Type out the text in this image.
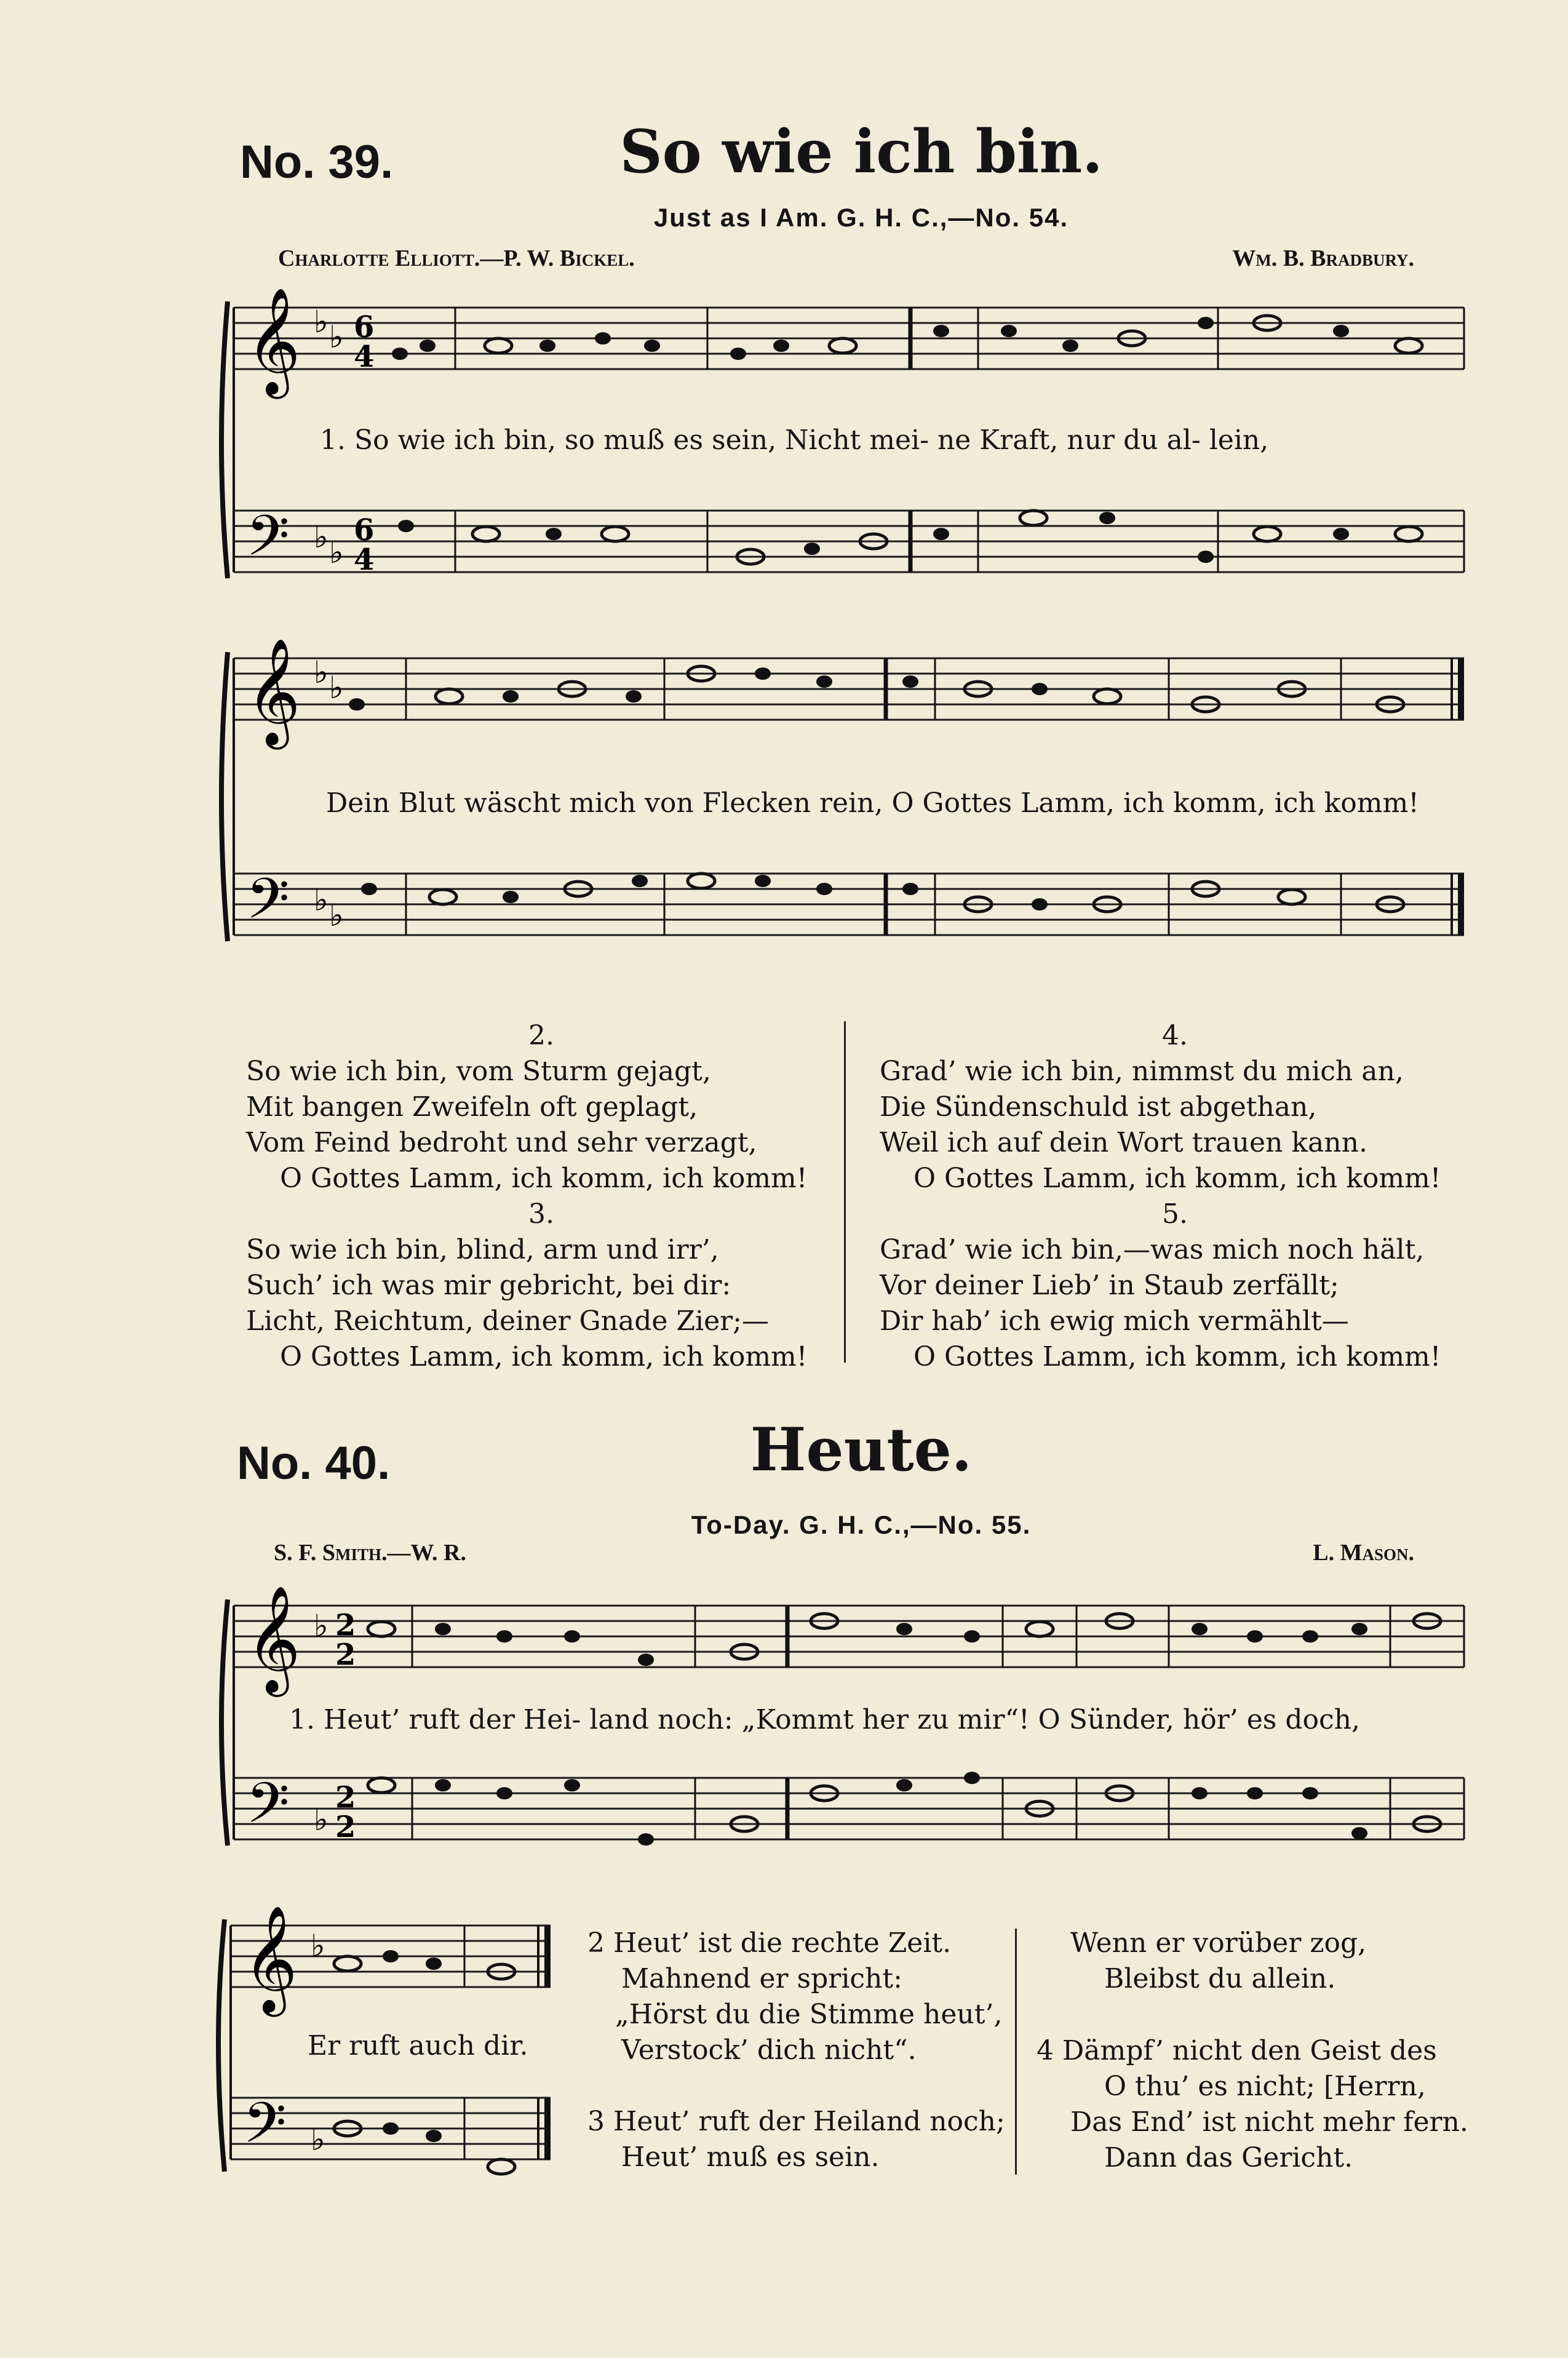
No. 39.	So wie ich bin.
Just as I Am. G. H. C.,—No. 54.
Charlotte Elliott.—P. W. Bickel.	Wm. B. Bradbury.
𝄞
𝄢
♭ ♭
♭ ♭
6
4
6
4
1. So wie ich bin, so muß es sein, Nicht mei- ne Kraft, nur du al- lein,
𝄞
𝄢
♭ ♭
♭ ♭
Dein Blut wäscht mich von Flecken rein, O Gottes Lamm, ich komm, ich komm!
2.
So wie ich bin, vom Sturm gejagt,
Mit bangen Zweifeln oft geplagt,
Vom Feind bedroht und sehr verzagt,
O Gottes Lamm, ich komm, ich komm!
3.
So wie ich bin, blind, arm und irr’,
Such’ ich was mir gebricht, bei dir:
Licht, Reichtum, deiner Gnade Zier;—
O Gottes Lamm, ich komm, ich komm!
4.
Grad’ wie ich bin, nimmst du mich an,
Die Sündenschuld ist abgethan,
Weil ich auf dein Wort trauen kann.
O Gottes Lamm, ich komm, ich komm!
5.
Grad’ wie ich bin,—was mich noch hält,
Vor deiner Lieb’ in Staub zerfällt;
Dir hab’ ich ewig mich vermählt—
O Gottes Lamm, ich komm, ich komm!
No. 40.	Heute.
To-Day. G. H. C.,—No. 55.
S. F. Smith.—W. R.	L. Mason.
𝄞
𝄢
♭
♭
2
2
2
2
1. Heut’ ruft der Hei- land noch: „Kommt her zu mir“! O Sünder, hör’ es doch,
𝄞
𝄢
♭
♭
Er ruft auch dir.
2 Heut’ ist die rechte Zeit.
Mahnend er spricht:
„Hörst du die Stimme heut’,
Verstock’ dich nicht“.
3 Heut’ ruft der Heiland noch;
Heut’ muß es sein.
Wenn er vorüber zog,
Bleibst du allein.
4 Dämpf’ nicht den Geist des
O thu’ es nicht; [Herrn,
Das End’ ist nicht mehr fern.
Dann das Gericht.
